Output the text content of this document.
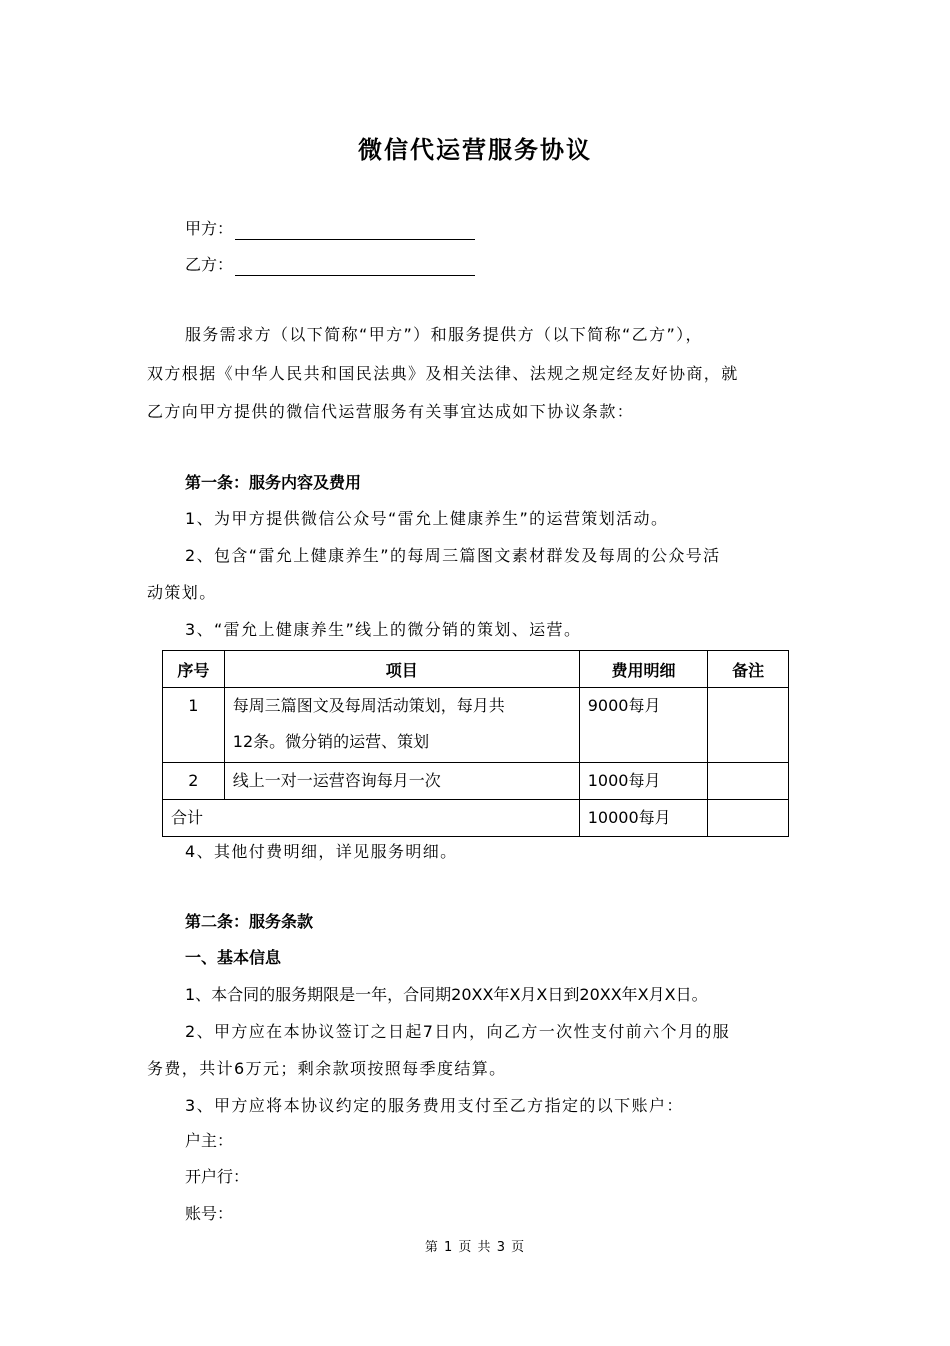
微信代运营服务协议
甲方：
乙方：
服务需求方（以下简称“甲方”）和服务提供方（以下简称“乙方”），
双方根据《中华人民共和国民法典》及相关法律、法规之规定经友好协商，就
乙方向甲方提供的微信代运营服务有关事宜达成如下协议条款：
第一条：服务内容及费用
1、为甲方提供微信公众号“雷允上健康养生”的运营策划活动。
2、包含“雷允上健康养生”的每周三篇图文素材群发及每周的公众号活
动策划。
3、“雷允上健康养生”线上的微分销的策划、运营。
序号	项目	费用明细	备注
1	每周三篇图文及每周活动策划，每月共
12条。微分销的运营、策划	9000每月	
2	线上一对一运营咨询每月一次	1000每月	
合计		10000每月	
4、其他付费明细，详见服务明细。
第二条：服务条款
一、基本信息
1、本合同的服务期限是一年，合同期20XX年X月X日到20XX年X月X日。
2、甲方应在本协议签订之日起7日内，向乙方一次性支付前六个月的服
务费，共计6万元；剩余款项按照每季度结算。
3、甲方应将本协议约定的服务费用支付至乙方指定的以下账户：
户主：
开户行：
账号：
第 1 页 共 3 页
